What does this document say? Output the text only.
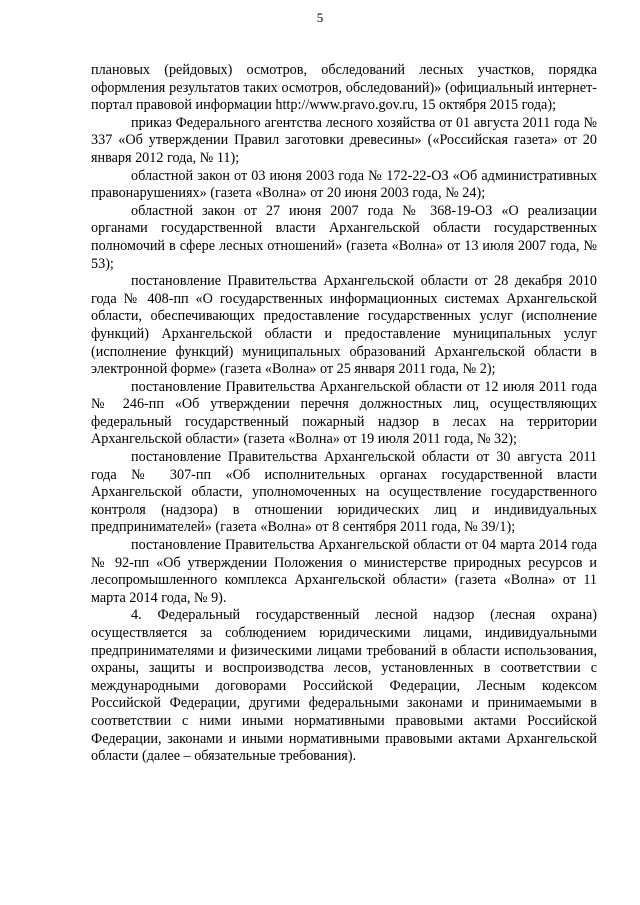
5

плановых (рейдовых) осмотров, обследований лесных участков, порядка оформления результатов таких осмотров, обследований)» (официальный интернет-портал правовой информации http://www.pravo.gov.ru, 15 октября 2015 года);

приказ Федерального агентства лесного хозяйства от 01 августа 2011 года № 337 «Об утверждении Правил заготовки древесины» («Российская газета» от 20 января 2012 года, № 11);

областной закон от 03 июня 2003 года № 172-22-ОЗ «Об административных правонарушениях» (газета «Волна» от 20 июня 2003 года, № 24);

областной закон от 27 июня 2007 года № 368-19-ОЗ «О реализации органами государственной власти Архангельской области государственных полномочий в сфере лесных отношений» (газета «Волна» от 13 июля 2007 года, № 53);

постановление Правительства Архангельской области от 28 декабря 2010 года № 408-пп «О государственных информационных системах Архангельской области, обеспечивающих предоставление государственных услуг (исполнение функций) Архангельской области и предоставление муниципальных услуг (исполнение функций) муниципальных образований Архангельской области в электронной форме» (газета «Волна» от 25 января 2011 года, № 2);

постановление Правительства Архангельской области от 12 июля 2011 года № 246-пп «Об утверждении перечня должностных лиц, осуществляющих федеральный государственный пожарный надзор в лесах на территории Архангельской области» (газета «Волна» от 19 июля 2011 года, № 32);

постановление Правительства Архангельской области от 30 августа 2011 года № 307-пп «Об исполнительных органах государственной власти Архангельской области, уполномоченных на осуществление государственного контроля (надзора) в отношении юридических лиц и индивидуальных предпринимателей» (газета «Волна» от 8 сентября 2011 года, № 39/1);

постановление Правительства Архангельской области от 04 марта 2014 года № 92-пп «Об утверждении Положения о министерстве природных ресурсов и лесопромышленного комплекса Архангельской области» (газета «Волна» от 11 марта 2014 года, № 9).

4. Федеральный государственный лесной надзор (лесная охрана) осуществляется за соблюдением юридическими лицами, индивидуальными предпринимателями и физическими лицами требований в области использования, охраны, защиты и воспроизводства лесов, установленных в соответствии с международными договорами Российской Федерации, Лесным кодексом Российской Федерации, другими федеральными законами и принимаемыми в соответствии с ними иными нормативными правовыми актами Российской Федерации, законами и иными нормативными правовыми актами Архангельской области (далее – обязательные требования).
